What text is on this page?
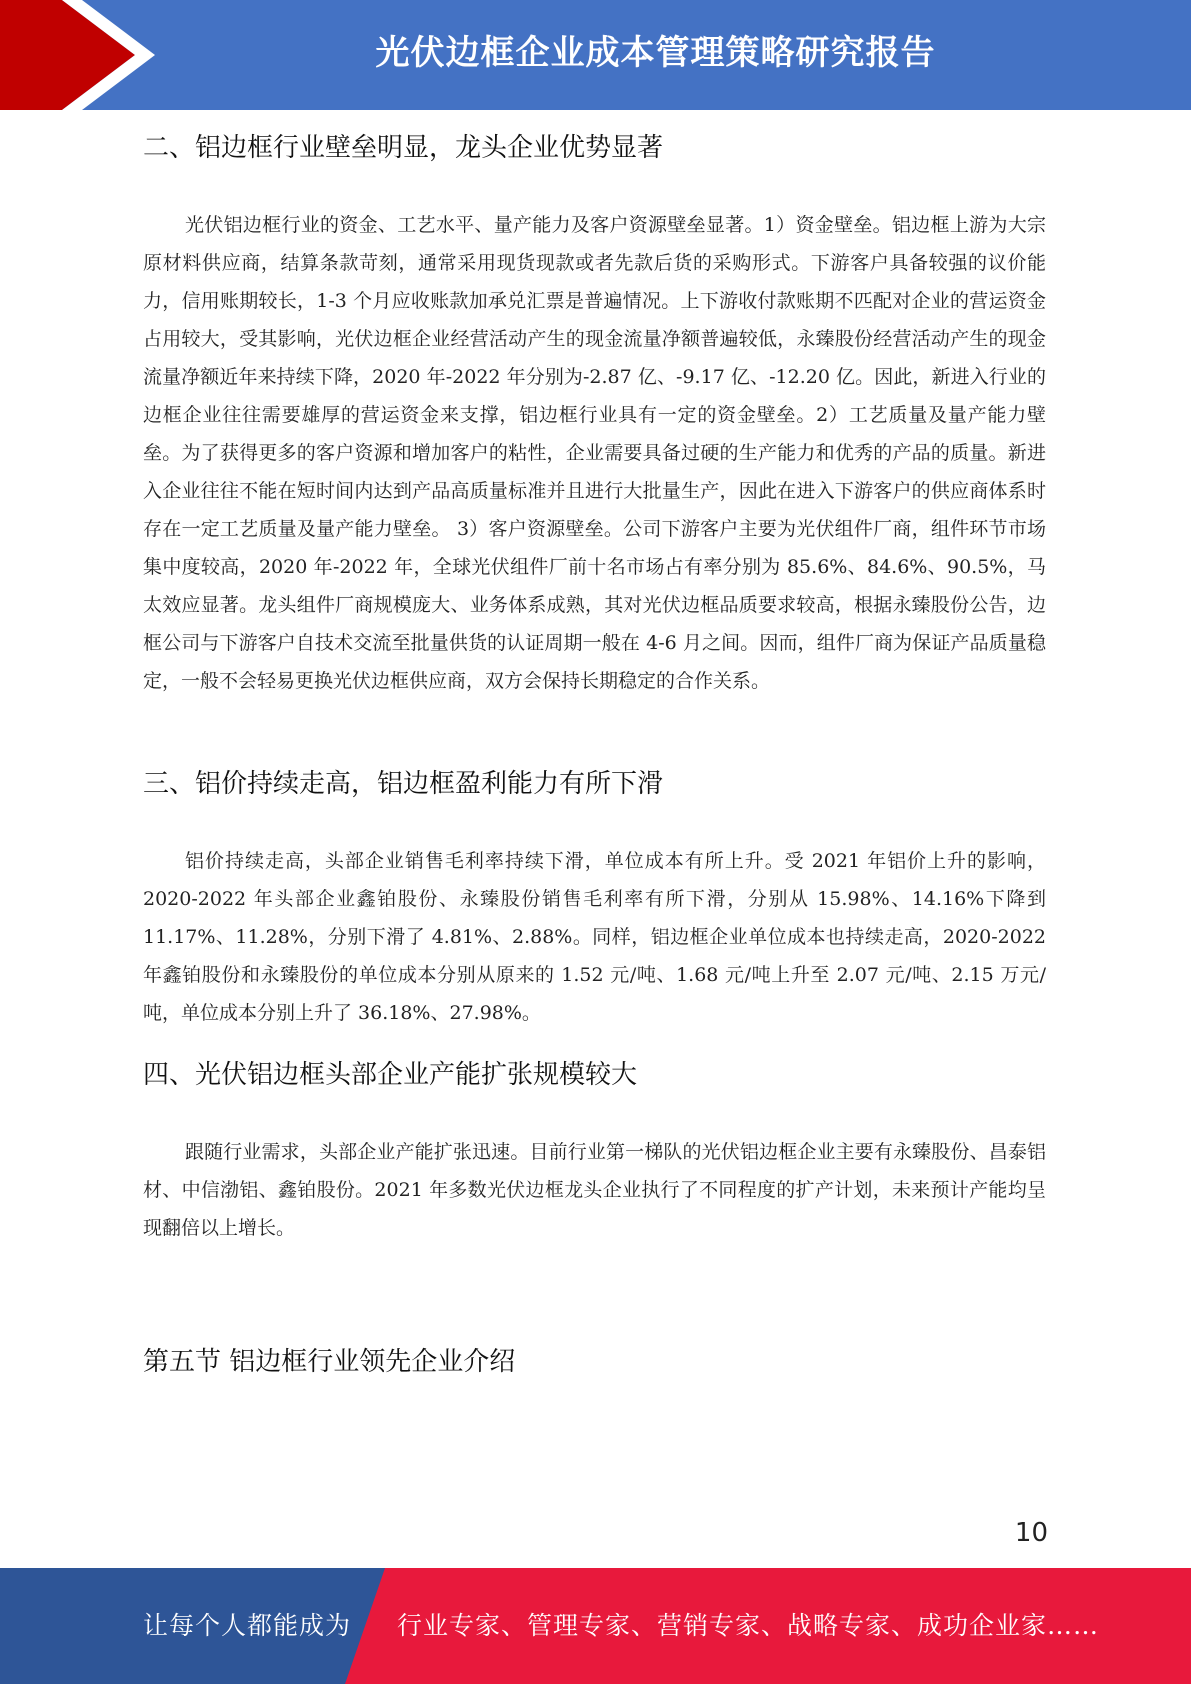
光伏边框企业成本管理策略研究报告
二、铝边框行业壁垒明显，龙头企业优势显著

光伏铝边框行业的资金、工艺水平、量产能力及客户资源壁垒显著。1）资金壁垒。铝边框上游为大宗原材料供应商，结算条款苛刻，通常采用现货现款或者先款后货的采购形式。下游客户具备较强的议价能力，信用账期较长，1-3 个月应收账款加承兑汇票是普遍情况。上下游收付款账期不匹配对企业的营运资金占用较大，受其影响，光伏边框企业经营活动产生的现金流量净额普遍较低，永臻股份经营活动产生的现金流量净额近年来持续下降，2020 年-2022 年分别为-2.87 亿、-9.17 亿、-12.20 亿。因此，新进入行业的边框企业往往需要雄厚的营运资金来支撑，铝边框行业具有一定的资金壁垒。2）工艺质量及量产能力壁垒。为了获得更多的客户资源和增加客户的粘性，企业需要具备过硬的生产能力和优秀的产品的质量。新进入企业往往不能在短时间内达到产品高质量标准并且进行大批量生产，因此在进入下游客户的供应商体系时存在一定工艺质量及量产能力壁垒。 3）客户资源壁垒。公司下游客户主要为光伏组件厂商，组件环节市场集中度较高，2020 年-2022 年，全球光伏组件厂前十名市场占有率分别为 85.6%、84.6%、90.5%，马太效应显著。龙头组件厂商规模庞大、业务体系成熟，其对光伏边框品质要求较高，根据永臻股份公告，边框公司与下游客户自技术交流至批量供货的认证周期一般在 4-6 月之间。因而，组件厂商为保证产品质量稳定，一般不会轻易更换光伏边框供应商，双方会保持长期稳定的合作关系。

三、铝价持续走高，铝边框盈利能力有所下滑

铝价持续走高，头部企业销售毛利率持续下滑，单位成本有所上升。受 2021 年铝价上升的影响，2020-2022 年头部企业鑫铂股份、永臻股份销售毛利率有所下滑，分别从 15.98%、14.16%下降到 11.17%、11.28%，分别下滑了 4.81%、2.88%。同样，铝边框企业单位成本也持续走高，2020-2022 年鑫铂股份和永臻股份的单位成本分别从原来的 1.52 元/吨、1.68 元/吨上升至 2.07 元/吨、2.15 万元/吨，单位成本分别上升了 36.18%、27.98%。

四、光伏铝边框头部企业产能扩张规模较大

跟随行业需求，头部企业产能扩张迅速。目前行业第一梯队的光伏铝边框企业主要有永臻股份、昌泰铝材、中信渤铝、鑫铂股份。2021 年多数光伏边框龙头企业执行了不同程度的扩产计划，未来预计产能均呈现翻倍以上增长。

第五节 铝边框行业领先企业介绍
10
让每个人都能成为 行业专家、管理专家、营销专家、战略专家、成功企业家……
